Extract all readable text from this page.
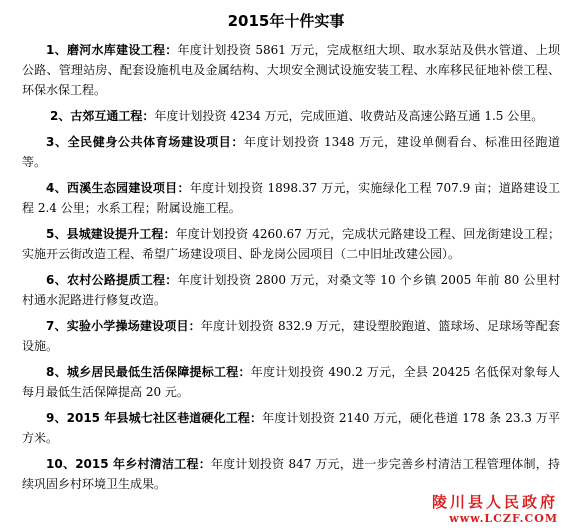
2015年十件实事

1、磨河水库建设工程：年度计划投资 5861 万元，完成枢纽大坝、取水泵站及供水管道、上坝公路、管理站房、配套设施机电及金属结构、大坝安全测试设施安装工程、水库移民征地补偿工程、环保水保工程。

2、古郊互通工程：年度计划投资 4234 万元，完成匝道、收费站及高速公路互通 1.5 公里。

3、全民健身公共体育场建设项目：年度计划投资 1348 万元，建设单侧看台、标准田径跑道等。

4、西溪生态园建设项目：年度计划投资 1898.37 万元，实施绿化工程 707.9 亩；道路建设工程 2.4 公里；水系工程；附属设施工程。

5、县城建设提升工程：年度计划投资 4260.67 万元，完成状元路建设工程、回龙街建设工程；实施开云街改造工程、希望广场建设项目、卧龙岗公园项目（二中旧址改建公园）。

6、农村公路提质工程：年度计划投资 2800 万元，对桑文等 10 个乡镇 2005 年前 80 公里村村通水泥路进行修复改造。

7、实验小学操场建设项目：年度计划投资 832.9 万元，建设塑胶跑道、篮球场、足球场等配套设施。

8、城乡居民最低生活保障提标工程：年度计划投资 490.2 万元，全县 20425 名低保对象每人每月最低生活保障提高 20 元。

9、2015 年县城七社区巷道硬化工程：年度计划投资 2140 万元，硬化巷道 178 条 23.3 万平方米。

10、2015 年乡村清洁工程：年度计划投资 847 万元，进一步完善乡村清洁工程管理体制，持续巩固乡村环境卫生成果。

陵川县人民政府
www.LCZF.COM
